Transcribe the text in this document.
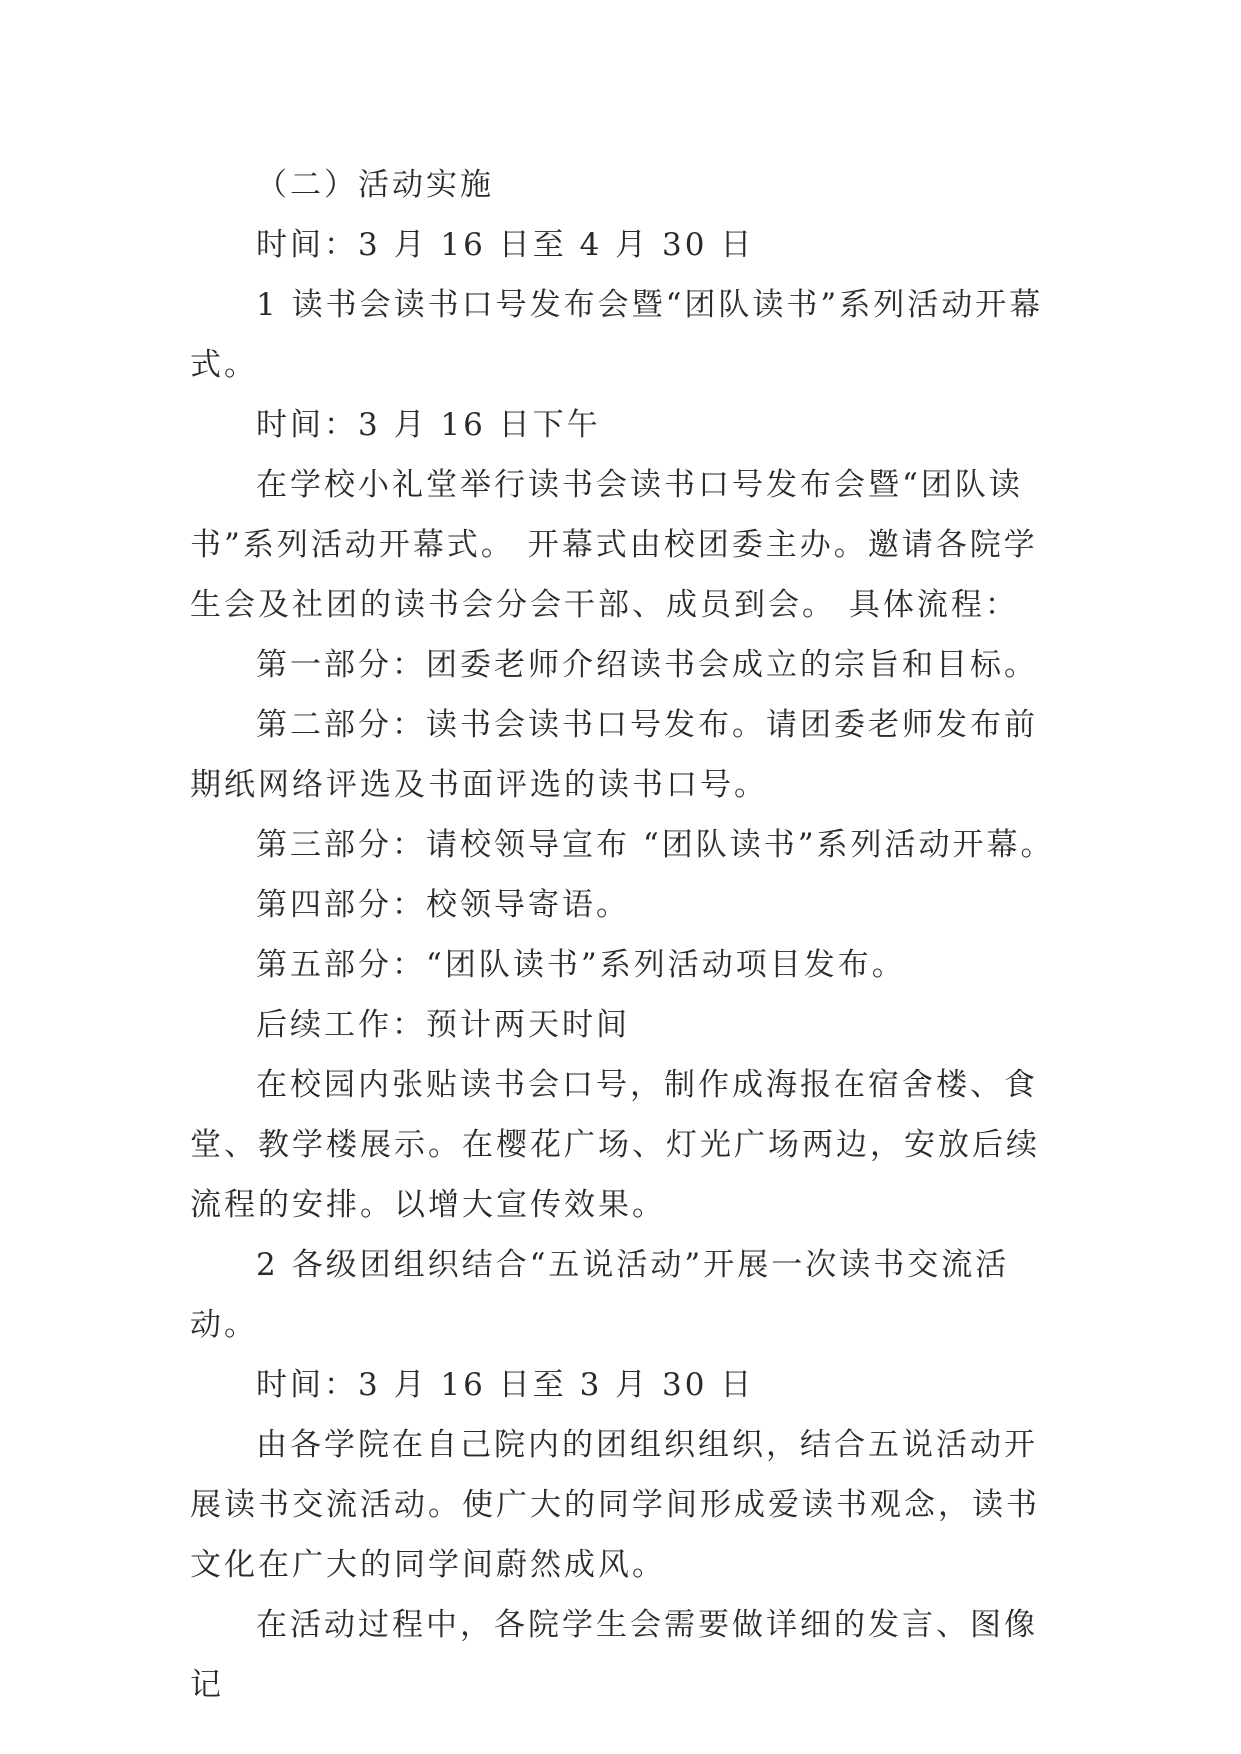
（二）活动实施

时间：3 月 16 日至 4 月 30 日

1 读书会读书口号发布会暨“团队读书”系列活动开幕式。

时间：3 月 16 日下午

在学校小礼堂举行读书会读书口号发布会暨“团队读书”系列活动开幕式。 开幕式由校团委主办。邀请各院学生会及社团的读书会分会干部、成员到会。 具体流程：

第一部分：团委老师介绍读书会成立的宗旨和目标。

第二部分：读书会读书口号发布。请团委老师发布前期纸网络评选及书面评选的读书口号。

第三部分：请校领导宣布 “团队读书”系列活动开幕。

第四部分：校领导寄语。

第五部分：“团队读书”系列活动项目发布。

后续工作：预计两天时间

在校园内张贴读书会口号，制作成海报在宿舍楼、食堂、教学楼展示。在樱花广场、灯光广场两边，安放后续流程的安排。以增大宣传效果。

2 各级团组织结合“五说活动”开展一次读书交流活动。

时间：3 月 16 日至 3 月 30 日

由各学院在自己院内的团组织组织，结合五说活动开展读书交流活动。使广大的同学间形成爱读书观念，读书文化在广大的同学间蔚然成风。

在活动过程中，各院学生会需要做详细的发言、图像记
